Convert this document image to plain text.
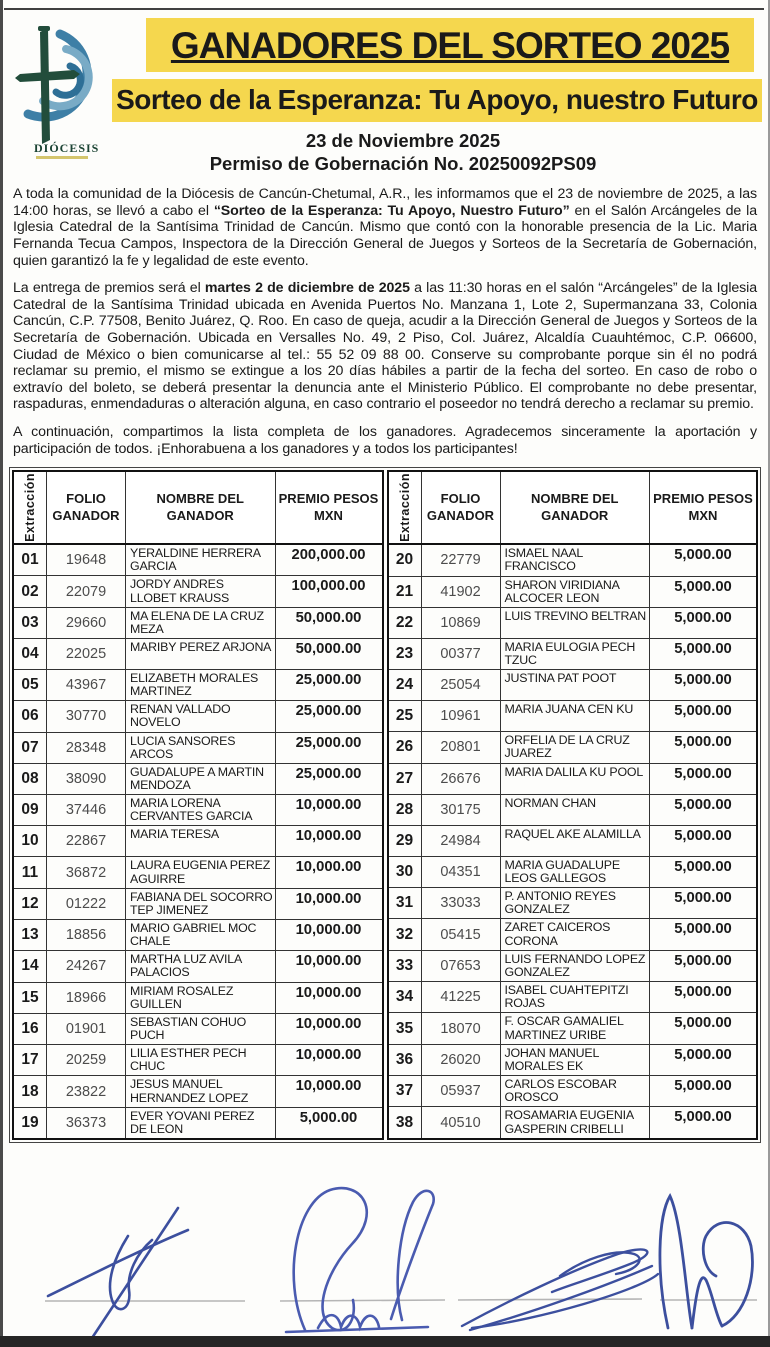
DIÓCESIS
GANADORES DEL SORTEO 2025
Sorteo de la Esperanza: Tu Apoyo, nuestro Futuro
23 de Noviembre 2025
Permiso de Gobernación No. 20250092PS09

A toda la comunidad de la Diócesis de Cancún-Chetumal, A.R., les informamos que el 23 de noviembre de 2025, a las 14:00 horas, se llevó a cabo el “Sorteo de la Esperanza: Tu Apoyo, Nuestro Futuro” en el Salón Arcángeles de la Iglesia Catedral de la Santísima Trinidad de Cancún. Mismo que contó con la honorable presencia de la Lic. Maria Fernanda Tecua Campos, Inspectora de la Dirección General de Juegos y Sorteos de la Secretaría de Gobernación, quien garantizó la fe y legalidad de este evento.

La entrega de premios será el martes 2 de diciembre de 2025 a las 11:30 horas en el salón “Arcángeles” de la Iglesia Catedral de la Santísima Trinidad ubicada en Avenida Puertos No. Manzana 1, Lote 2, Supermanzana 33, Colonia Cancún, C.P. 77508, Benito Juárez, Q. Roo. En caso de queja, acudir a la Dirección General de Juegos y Sorteos de la Secretaría de Gobernación. Ubicada en Versalles No. 49, 2 Piso, Col. Juárez, Alcaldía Cuauhtémoc, C.P. 06600, Ciudad de México o bien comunicarse al tel.: 55 52 09 88 00. Conserve su comprobante porque sin él no podrá reclamar su premio, el mismo se extingue a los 20 días hábiles a partir de la fecha del sorteo. En caso de robo o extravío del boleto, se deberá presentar la denuncia ante el Ministerio Público. El comprobante no debe presentar, raspaduras, enmendaduras o alteración alguna, en caso contrario el poseedor no tendrá derecho a reclamar su premio.

A continuación, compartimos la lista completa de los ganadores. Agradecemos sinceramente la aportación y participación de todos. ¡Enhorabuena a los ganadores y a todos los participantes!

Extracción	FOLIO GANADOR	NOMBRE DEL GANADOR	PREMIO PESOS MXN

01	19648	YERALDINE HERRERA GARCIA	200,000.00
02	22079	JORDY ANDRES LLOBET KRAUSS	100,000.00
03	29660	MA ELENA DE LA CRUZ MEZA	50,000.00
04	22025	MARIBY PEREZ ARJONA	50,000.00
05	43967	ELIZABETH MORALES MARTINEZ	25,000.00
06	30770	RENAN VALLADO NOVELO	25,000.00
07	28348	LUCIA SANSORES ARCOS	25,000.00
08	38090	GUADALUPE A MARTIN MENDOZA	25,000.00
09	37446	MARIA LORENA CERVANTES GARCIA	10,000.00
10	22867	MARIA TERESA	10,000.00
11	36872	LAURA EUGENIA PEREZ AGUIRRE	10,000.00
12	01222	FABIANA DEL SOCORRO TEP JIMENEZ	10,000.00
13	18856	MARIO GABRIEL MOC CHALE	10,000.00
14	24267	MARTHA LUZ AVILA PALACIOS	10,000.00
15	18966	MIRIAM ROSALEZ GUILLEN	10,000.00
16	01901	SEBASTIAN COHUO PUCH	10,000.00
17	20259	LILIA ESTHER PECH CHUC	10,000.00
18	23822	JESUS MANUEL HERNANDEZ LOPEZ	10,000.00
19	36373	EVER YOVANI PEREZ DE LEON	5,000.00
Extracción	FOLIO GANADOR	NOMBRE DEL GANADOR	PREMIO PESOS MXN

20	22779	ISMAEL NAAL FRANCISCO	5,000.00
21	41902	SHARON VIRIDIANA ALCOCER LEON	5,000.00
22	10869	LUIS TREVINO BELTRAN	5,000.00
23	00377	MARIA EULOGIA PECH TZUC	5,000.00
24	25054	JUSTINA PAT POOT	5,000.00
25	10961	MARIA JUANA CEN KU	5,000.00
26	20801	ORFELIA DE LA CRUZ JUAREZ	5,000.00
27	26676	MARIA DALILA KU POOL	5,000.00
28	30175	NORMAN CHAN	5,000.00
29	24984	RAQUEL AKE ALAMILLA	5,000.00
30	04351	MARIA GUADALUPE LEOS GALLEGOS	5,000.00
31	33033	P. ANTONIO REYES GONZALEZ	5,000.00
32	05415	ZARET CAICEROS CORONA	5,000.00
33	07653	LUIS FERNANDO LOPEZ GONZALEZ	5,000.00
34	41225	ISABEL CUAHTEPITZI ROJAS	5,000.00
35	18070	F. OSCAR GAMALIEL MARTINEZ URIBE	5,000.00
36	26020	JOHAN MANUEL MORALES EK	5,000.00
37	05937	CARLOS ESCOBAR OROSCO	5,000.00
38	40510	ROSAMARIA EUGENIA GASPERIN CRIBELLI	5,000.00
